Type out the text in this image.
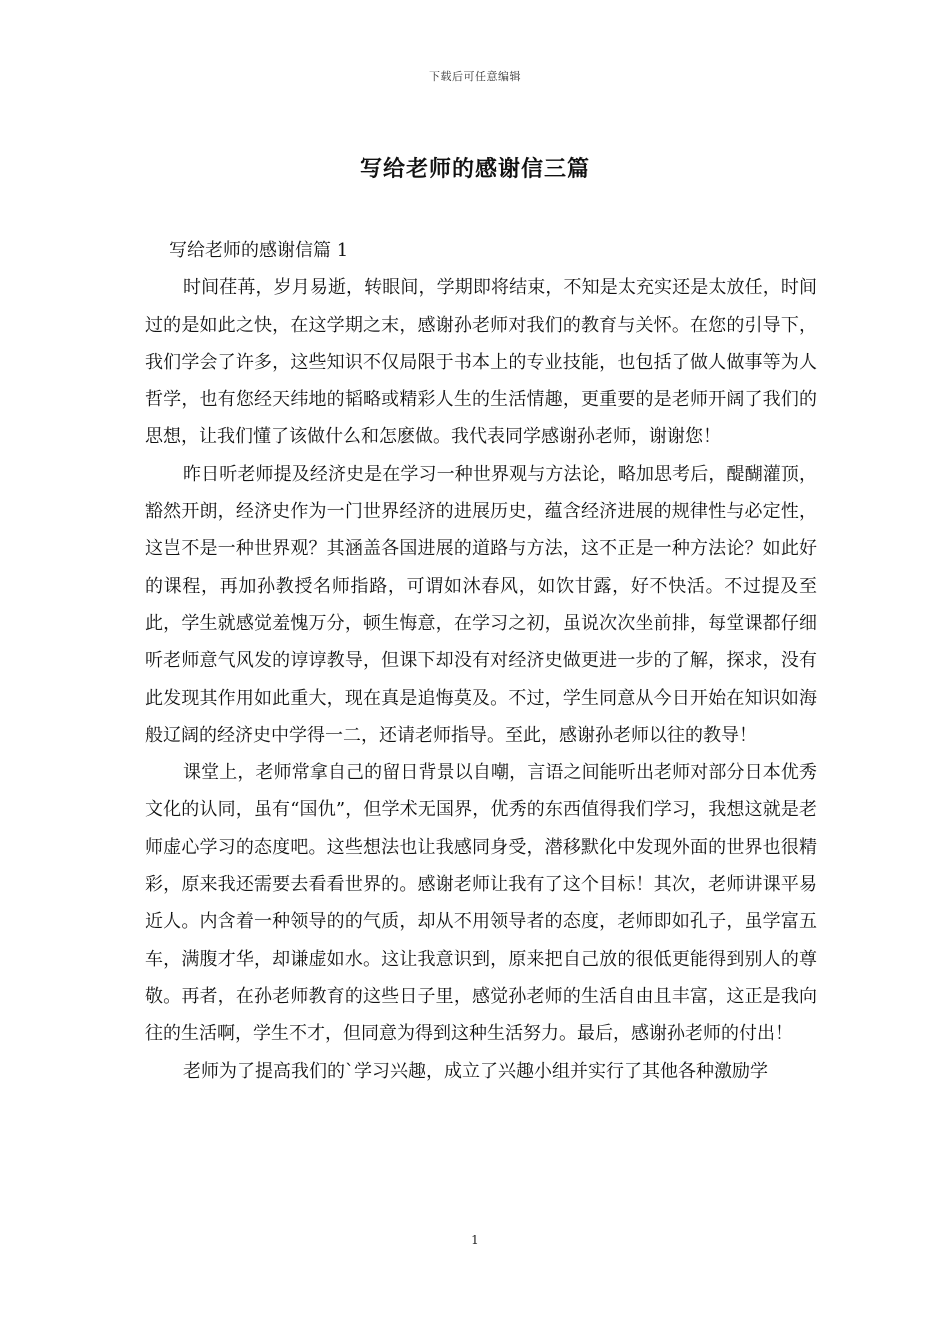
下载后可任意编辑
写给老师的感谢信三篇

写给老师的感谢信篇 1

时间荏苒，岁月易逝，转眼间，学期即将结束，不知是太充实还是太放任，时间过的是如此之快，在这学期之末，感谢孙老师对我们的教育与关怀。在您的引导下，我们学会了许多，这些知识不仅局限于书本上的专业技能，也包括了做人做事等为人哲学，也有您经天纬地的韬略或精彩人生的生活情趣，更重要的是老师开阔了我们的思想，让我们懂了该做什么和怎麽做。我代表同学感谢孙老师，谢谢您！

昨日听老师提及经济史是在学习一种世界观与方法论，略加思考后，醍醐灌顶，豁然开朗，经济史作为一门世界经济的进展历史，蕴含经济进展的规律性与必定性，这岂不是一种世界观？其涵盖各国进展的道路与方法，这不正是一种方法论？如此好的课程，再加孙教授名师指路，可谓如沐春风，如饮甘露，好不快活。不过提及至此，学生就感觉羞愧万分，顿生悔意，在学习之初，虽说次次坐前排，每堂课都仔细听老师意气风发的谆谆教导，但课下却没有对经济史做更进一步的了解，探求，没有此发现其作用如此重大，现在真是追悔莫及。不过，学生同意从今日开始在知识如海般辽阔的经济史中学得一二，还请老师指导。至此，感谢孙老师以往的教导！

课堂上，老师常拿自己的留日背景以自嘲，言语之间能听出老师对部分日本优秀文化的认同，虽有“国仇”，但学术无国界，优秀的东西值得我们学习，我想这就是老师虚心学习的态度吧。这些想法也让我感同身受，潜移默化中发现外面的世界也很精彩，原来我还需要去看看世界的。感谢老师让我有了这个目标！其次，老师讲课平易近人。内含着一种领导的的气质，却从不用领导者的态度，老师即如孔子，虽学富五车，满腹才华，却谦虚如水。这让我意识到，原来把自己放的很低更能得到别人的尊敬。再者，在孙老师教育的这些日子里，感觉孙老师的生活自由且丰富，这正是我向往的生活啊，学生不才，但同意为得到这种生活努力。最后，感谢孙老师的付出！

老师为了提高我们的`学习兴趣，成立了兴趣小组并实行了其他各种激励学

1
